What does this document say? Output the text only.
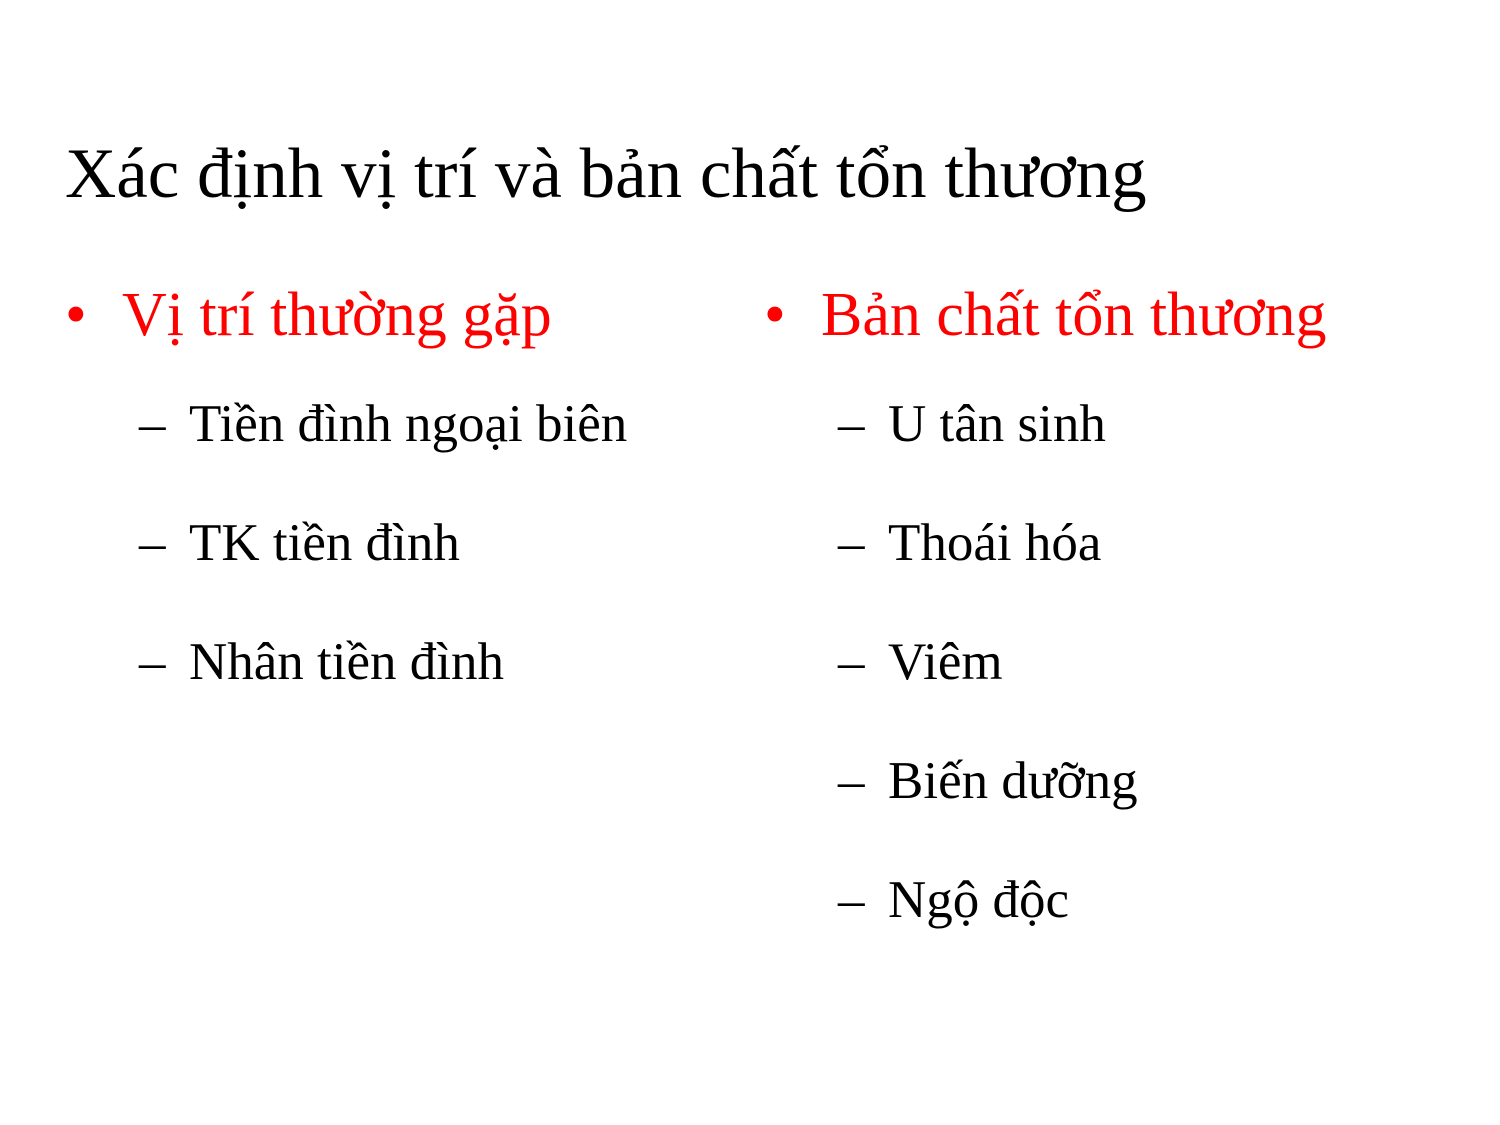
Xác định vị trí và bản chất tổn thương
• Vị trí thường gặp
– Tiền đình ngoại biên
– TK tiền đình
– Nhân tiền đình
• Bản chất tổn thương
– U tân sinh
– Thoái hóa
– Viêm
– Biến dưỡng
– Ngộ độc
